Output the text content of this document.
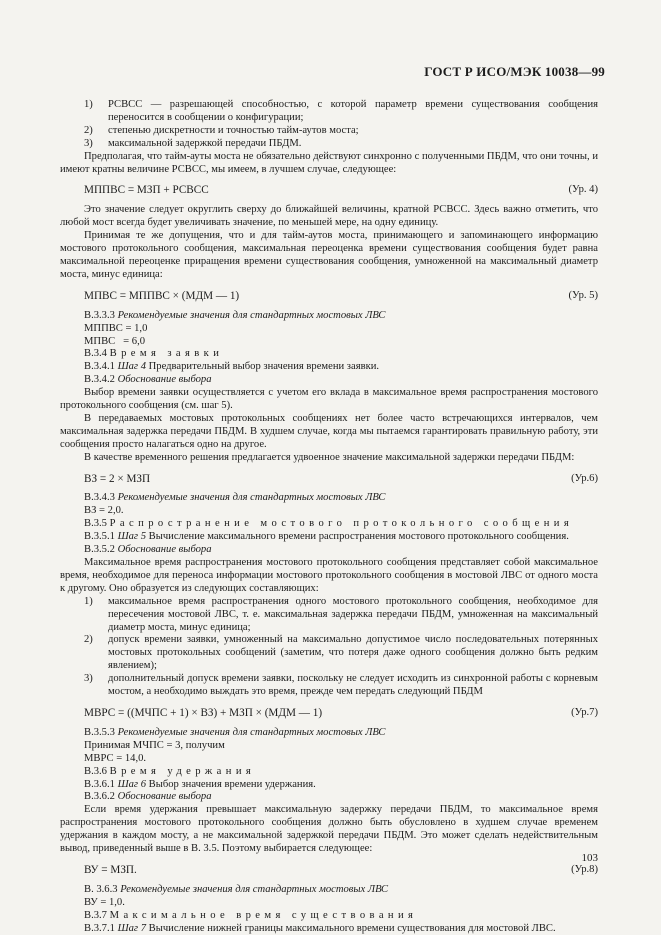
ГОСТ Р ИСО/МЭК 10038—99

1) РСВСС — разрешающей способностью, с которой параметр времени существования сообщения переносится в сообщении о конфигурации;

2) степенью дискретности и точностью тайм-аутов моста;

3) максимальной задержкой передачи ПБДМ.

Предполагая, что тайм-ауты моста не обязательно действуют синхронно с полученными ПБДМ, что они точны, и имеют кратны величине РСВСС, мы имеем, в лучшем случае, следующее:

МППВС = МЗП + РСВСС	(Ур. 4)

Это значение следует округлить сверху до ближайшей величины, кратной РСВСС. Здесь важно отметить, что любой мост всегда будет увеличивать значение, по меньшей мере, на одну единицу.

Принимая те же допущения, что и для тайм-аутов моста, принимающего и запоминающего информацию мостового протокольного сообщения, максимальная переоценка времени существования сообщения будет равна максимальной переоценке приращения времени существования сообщения, умноженной на максимальный диаметр моста, минус единица:

МПВС = МППВС × (МДМ — 1)	(Ур. 5)

В.3.3.3 Рекомендуемые значения для стандартных мостовых ЛВС

МППВС = 1,0

МПВС   = 6,0

В.3.4 Время заявки

В.3.4.1 Шаг 4 Предварительный выбор значения времени заявки.

В.3.4.2 Обоснование выбора

Выбор времени заявки осуществляется с учетом его вклада в максимальное время распространения мостового протокольного сообщения (см. шаг 5).

В передаваемых мостовых протокольных сообщениях нет более часто встречающихся интервалов, чем максимальная задержка передачи ПБДМ. В худшем случае, когда мы пытаемся гарантировать правильную работу, эти сообщения просто налагаться одно на другое.

В качестве временного решения предлагается удвоенное значение максимальной задержки передачи ПБДМ:

ВЗ = 2 × МЗП	(Ур.6)

В.3.4.3 Рекомендуемые значения для стандартных мостовых ЛВС

ВЗ = 2,0.

В.3.5 Распространение мостового протокольного сообщения

В.3.5.1 Шаг 5 Вычисление максимального времени распространения мостового протокольного сообщения.

В.3.5.2 Обоснование выбора

Максимальное время распространения мостового протокольного сообщения представляет собой максимальное время, необходимое для переноса информации мостового протокольного сообщения в мостовой ЛВС от одного моста к другому. Оно образуется из следующих составляющих:

1) максимальное время распространения одного мостового протокольного сообщения, необходимое для пересечения мостовой ЛВС, т. е. максимальная задержка передачи ПБДМ, умноженная на максимальный диаметр моста, минус единица;

2) допуск времени заявки, умноженный на максимально допустимое число последовательных потерянных мостовых протокольных сообщений (заметим, что потеря даже одного сообщения должно быть редким явлением);

3) дополнительный допуск времени заявки, поскольку не следует исходить из синхронной работы с корневым мостом, а необходимо выждать это время, прежде чем передать следующий ПБДМ

МВРС = ((МЧПС + 1) × ВЗ) + МЗП × (МДМ — 1)	(Ур.7)

В.3.5.3 Рекомендуемые значения для стандартных мостовых ЛВС

Принимая МЧПС = 3, получим

МВРС = 14,0.

В.3.6 Время удержания

В.3.6.1 Шаг 6 Выбор значения времени удержания.

В.3.6.2 Обоснование выбора

Если время удержания превышает максимальную задержку передачи ПБДМ, то максимальное время распространения мостового протокольного сообщения должно быть обусловлено в худшем случае временем удержания в каждом мосту, а не максимальной задержкой передачи ПБДМ. Это может сделать недействительным вывод, приведенный выше в В. 3.5. Поэтому выбирается следующее:

ВУ = МЗП.	(Ур.8)

В. 3.6.3 Рекомендуемые значения для стандартных мостовых ЛВС

ВУ = 1,0.

В.3.7 Максимальное время существования

В.3.7.1 Шаг 7 Вычисление нижней границы максимального времени существования для мостовой ЛВС.

103
